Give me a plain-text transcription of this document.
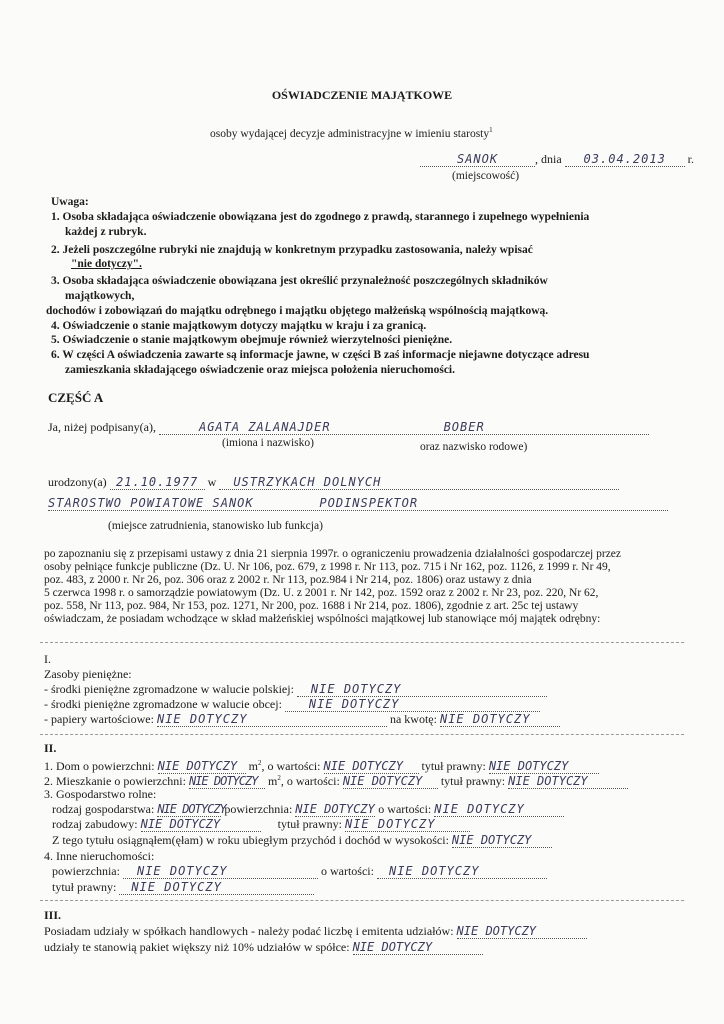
OŚWIADCZENIE MAJĄTKOWE
osoby wydającej decyzje administracyjne w imieniu starosty$^1$
SANOK	, dnia 03.04.2013 r.
(miejscowość)
Uwaga:
1. Osoba składająca oświadczenie obowiązana jest do zgodnego z prawdą, starannego i zupełnego wypełnienia
każdej z rubryk.
2. Jeżeli poszczególne rubryki nie znajdują w konkretnym przypadku zastosowania, należy wpisać
"nie dotyczy".
3. Osoba składająca oświadczenie obowiązana jest określić przynależność poszczególnych składników
majątkowych,
dochodów i zobowiązań do majątku odrębnego i majątku objętego małżeńską wspólnością majątkową.
4. Oświadczenie o stanie majątkowym dotyczy majątku w kraju i za granicą.
5. Oświadczenie o stanie majątkowym obejmuje również wierzytelności pieniężne.
6. W części A oświadczenia zawarte są informacje jawne, w części B zaś informacje niejawne dotyczące adresu
zamieszkania składającego oświadczenie oraz miejsca położenia nieruchomości.
CZĘŚĆ A
Ja, niżej podpisany(a),	AGATA ZALANAJDER	BOBER
(imiona i nazwisko)	oraz nazwisko rodowe)
urodzony(a) 21.10.1977 w USTRZYKACH DOLNYCH
STAROSTWO POWIATOWE SANOK        PODINSPEKTOR
(miejsce zatrudnienia, stanowisko lub funkcja)
po zapoznaniu się z przepisami ustawy z dnia 21 sierpnia 1997r. o ograniczeniu prowadzenia działalności gospodarczej przez
osoby pełniące funkcje publiczne (Dz. U. Nr 106, poz. 679, z 1998 r. Nr 113, poz. 715 i Nr 162, poz. 1126, z 1999 r. Nr 49,
poz. 483, z 2000 r. Nr 26, poz. 306 oraz z 2002 r. Nr 113, poz.984 i Nr 214, poz. 1806) oraz ustawy z dnia
5 czerwca 1998 r. o samorządzie powiatowym (Dz. U. z 2001 r. Nr 142, poz. 1592 oraz z 2002 r. Nr 23, poz. 220, Nr 62,
poz. 558, Nr 113, poz. 984, Nr 153, poz. 1271, Nr 200, poz. 1688 i Nr 214, poz. 1806), zgodnie z art. 25c tej ustawy
oświadczam, że posiadam wchodzące w skład małżeńskiej wspólności majątkowej lub stanowiące mój majątek odrębny:
I.
Zasoby pieniężne:
- środki pieniężne zgromadzone w walucie polskiej: NIE DOTYCZY
- środki pieniężne zgromadzone w walucie obcej: NIE DOTYCZY
- papiery wartościowe: NIE DOTYCZY	na kwotę: NIE DOTYCZY
II.
1. Dom o powierzchni: NIE DOTYCZY $m^2$, o wartości: NIE DOTYCZY tytuł prawny: NIE DOTYCZY
2. Mieszkanie o powierzchni: NIE DOTYCZY $m^2$, o wartości: NIE DOTYCZY tytuł prawny: NIE DOTYCZY
3. Gospodarstwo rolne:
rodzaj gospodarstwa: NIE DOTYCZY powierzchnia: NIE DOTYCZY o wartości: NIE DOTYCZY
rodzaj zabudowy: NIE DOTYCZY	tytuł prawny: NIE DOTYCZY
Z tego tytułu osiągnąłem(ęłam) w roku ubiegłym przychód i dochód w wysokości: NIE DOTYCZY
4. Inne nieruchomości:
powierzchnia: NIE DOTYCZY	o wartości: NIE DOTYCZY
tytuł prawny: NIE DOTYCZY
III.
Posiadam udziały w spółkach handlowych - należy podać liczbę i emitenta udziałów: NIE DOTYCZY
udziały te stanowią pakiet większy niż 10% udziałów w spółce: NIE DOTYCZY
